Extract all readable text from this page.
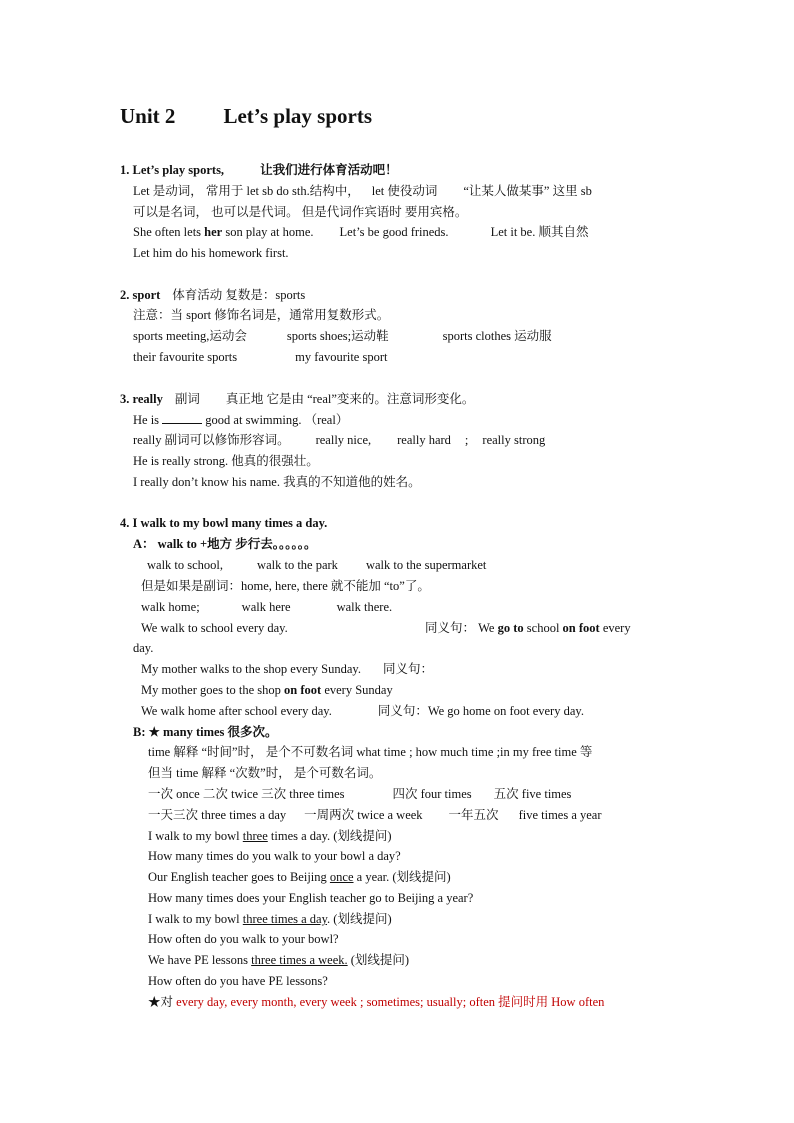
Unit 2 Let’s play sports
1. Let’s play sports,	让我们进行体育活动吧！
Let 是动词， 常用于 let sb do sth.结构中， let 使役动词 “让某人做某事” 这里 sb
可以是名词， 也可以是代词。 但是代词作宾语时 要用宾格。
She often lets her son play at home. Let’s be good frineds.	Let it be. 顺其自然
Let him do his homework first.
2. sport 体育活动 复数是：sports
注意：当 sport 修饰名词是，通常用复数形式。
sports meeting,运动会	sports shoes;运动鞋	sports clothes 运动服
their favourite sports	my favourite sport
3. really 副词 真正地 它是由 “real”变来的。注意词形变化。
He is	good at swimming. （real）
really 副词可以修饰形容词。 really nice, really hard ; really strong
He is really strong. 他真的很强壮。
I really don’t know his name. 我真的不知道他的姓名。
4. I walk to my bowl many times a day.
A： walk to +地方 步行去。。。。。。
walk to school,	walk to the park walk to the supermarket
但是如果是副词：home, here, there 就不能加 “to”了。
walk home;	walk here	walk there.
We walk to school every day.	同义句： We go to school on foot every
day.
My mother walks to the shop every Sunday. 同义句：
My mother goes to the shop on foot every Sunday
We walk home after school every day.	同义句：We go home on foot every day.
B: ★ many times 很多次。
time 解释 “时间”时， 是个不可数名词 what time ; how much time ;in my free time 等
但当 time 解释 “次数”时， 是个可数名词。
一次 once 二次 twice 三次 three times	四次 four times 五次 five times
一天三次 three times a day 一周两次 twice a week 一年五次 five times a year
I walk to my bowl three times a day. (划线提问)
How many times do you walk to your bowl a day?
Our English teacher goes to Beijing once a year. (划线提问)
How many times does your English teacher go to Beijing a year?
I walk to my bowl three times a day. (划线提问)
How often do you walk to your bowl?
We have PE lessons three times a week. (划线提问)
How often do you have PE lessons?
★对 every day, every month, every week ; sometimes; usually; often 提问时用 How often
